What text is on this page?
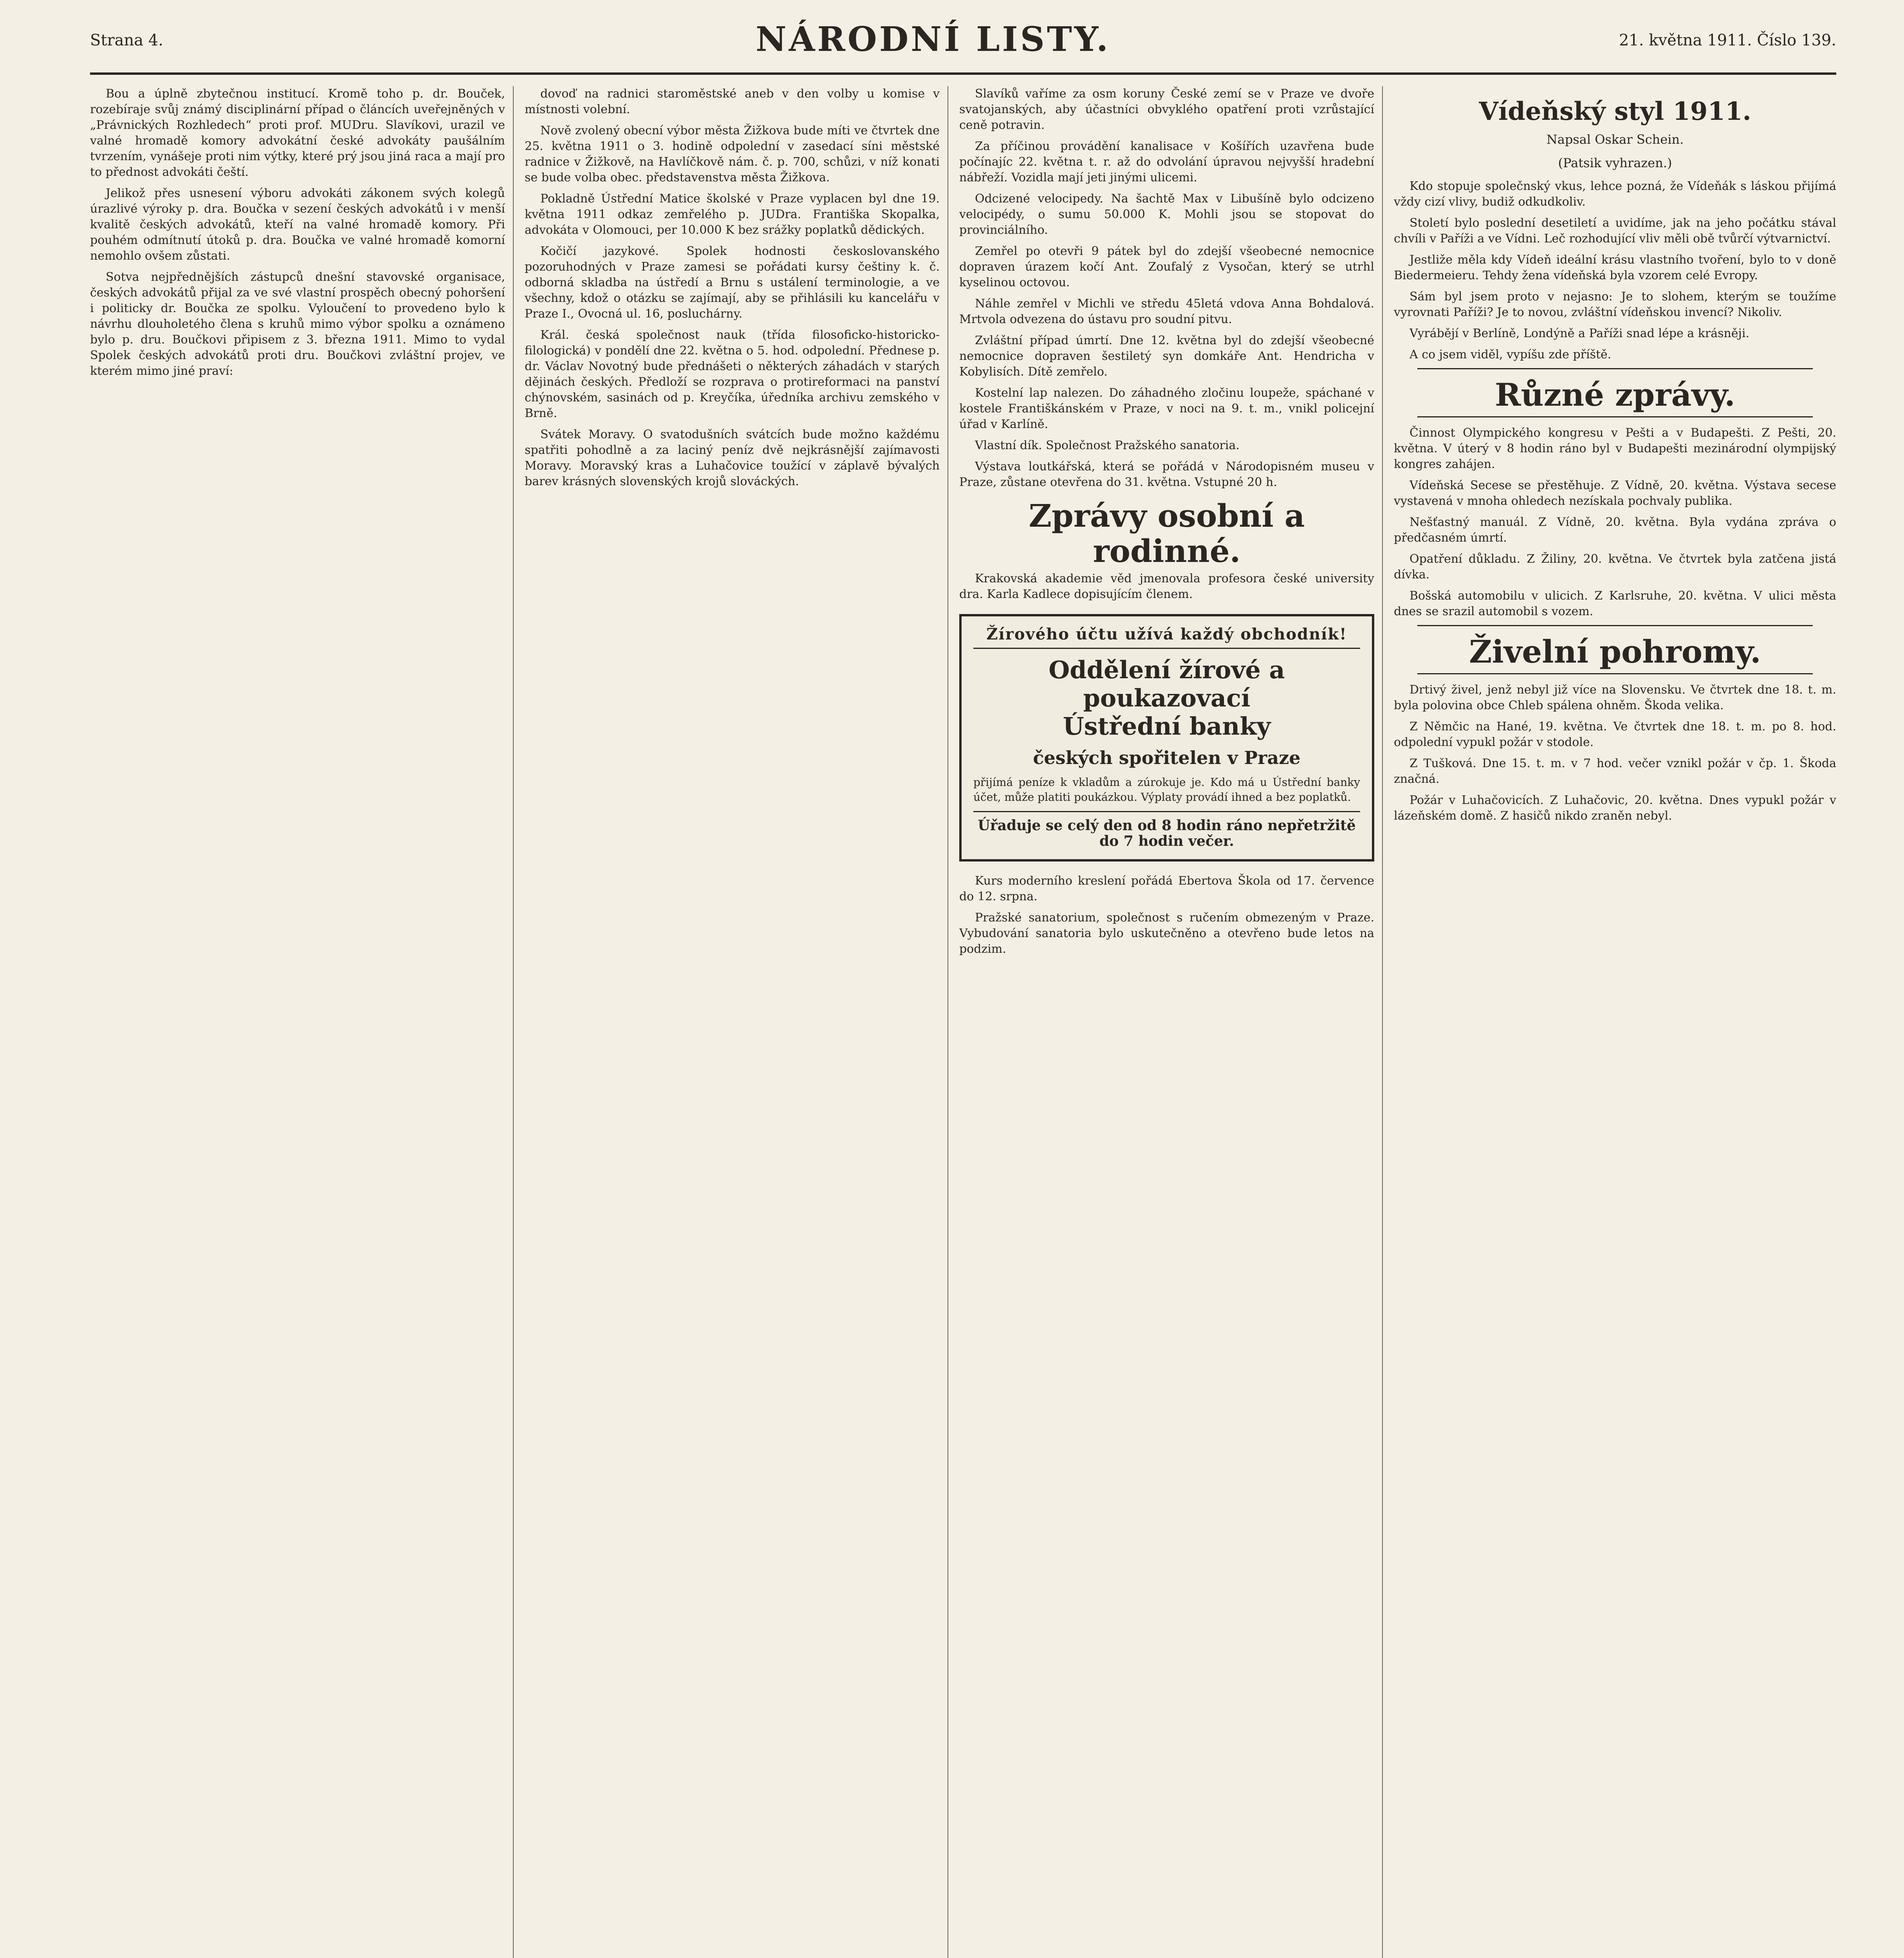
Strana 4.	NÁRODNÍ LISTY.	21. května 1911. Číslo 139.

Bou a úplně zbytečnou institucí. Kromě toho p. dr. Bouček, rozebíraje svůj známý disciplinární případ o článcích uveřejněných v „Právnických Rozhledech“ proti prof. MUDru. Slavíkovi, urazil ve valné hromadě komory advokátní české advokáty paušálním tvrzením, vynášeje proti nim výtky, které prý jsou jiná raca a mají pro to přednost advokáti čeští.

Jelikož přes usnesení výboru advokáti zákonem svých kolegů úrazlivé výroky p. dra. Boučka v sezení českých advokátů i v menší kvalitě českých advokátů, kteří na valné hromadě komory. Při pouhém odmítnutí útoků p. dra. Boučka ve valné hromadě komorní nemohlo ovšem zůstati.

Sotva nejpřednějších zástupců dnešní stavovské organisace, českých advokátů přijal za ve své vlastní prospěch obecný pohoršení i politicky dr. Boučka ze spolku. Vyloučení to provedeno bylo k návrhu dlouholetého člena s kruhů mimo výbor spolku a oznámeno bylo p. dru. Boučkovi připisem z 3. března 1911. Mimo to vydal Spolek českých advokátů proti dru. Boučkovi zvláštní projev, ve kterém mimo jiné praví:

dovoď na radnici staroměstské aneb v den volby u komise v místnosti volební.

Nově zvolený obecní výbor města Žižkova bude míti ve čtvrtek dne 25. května 1911 o 3. hodině odpolední v zasedací síni městské radnice v Žižkově, na Havlíčkově nám. č. p. 700, schůzi, v níž konati se bude volba obec. představenstva města Žižkova.

Pokladně Ústřední Matice školské v Praze vyplacen byl dne 19. května 1911 odkaz zemřelého p. JUDra. Františka Skopalka, advokáta v Olomouci, per 10.000 K bez srážky poplatků dědických.

Kočičí jazykové. Spolek hodnosti českoslovanského pozoruhodných v Praze zamesi se pořádati kursy češtiny k. č. odborná skladba na ústředí a Brnu s ustálení terminologie, a ve všechny, kdož o otázku se zajímají, aby se přihlásili ku kancelářu v Praze I., Ovocná ul. 16, posluchárny.

Král. česká společnost nauk (třída filosoficko-historicko-filologická) v pondělí dne 22. května o 5. hod. odpolední. Přednese p. dr. Václav Novotný bude přednášeti o některých záhadách v starých dějinách českých. Předloží se rozprava o protireformaci na panství chýnovském, sasinách od p. Kreyčíka, úředníka archivu zemského v Brně.

Svátek Moravy. O svatodušních svátcích bude možno každému spatřiti pohodlně a za laciný peníz dvě nejkrásnější zajímavosti Moravy. Moravský kras a Luhačovice toužící v záplavě bývalých barev krásných slovenských krojů slováckých.

Slavíků vaříme za osm koruny České zemí se v Praze ve dvoře svatojanských, aby účastníci obvyklého opatření proti vzrůstající ceně potravin.

Za příčinou provádění kanalisace v Košířích uzavřena bude počínajíc 22. května t. r. až do odvolání úpravou nejvyšší hradební nábřeží. Vozidla mají jeti jinými ulicemi.

Odcizené velocipedy. Na šachtě Max v Libušíně bylo odcizeno velocipédy, o sumu 50.000 K. Mohli jsou se stopovat do provinciálního.

Zemřel po otevři 9 pátek byl do zdejší všeobecné nemocnice dopraven úrazem kočí Ant. Zoufalý z Vysočan, který se utrhl kyselinou octovou.

Náhle zemřel v Michli ve středu 45letá vdova Anna Bohdalová. Mrtvola odvezena do ústavu pro soudní pitvu.

Zvláštní případ úmrtí. Dne 12. května byl do zdejší všeobecné nemocnice dopraven šestiletý syn domkáře Ant. Hendricha v Kobylisích. Dítě zemřelo.

Kostelní lap nalezen. Do záhadného zločinu loupeže, spáchané v kostele Františkánském v Praze, v noci na 9. t. m., vnikl policejní úřad v Karlíně.

Vlastní dík. Společnost Pražského sanatoria.

Výstava loutkářská, která se pořádá v Národopisném museu v Praze, zůstane otevřena do 31. května. Vstupné 20 h.

Zprávy osobní a rodinné.

Krakovská akademie věd jmenovala profesora české university dra. Karla Kadlece dopisujícím členem.

Žírového účtu užívá každý obchodník!
Oddělení žírové a poukazovací
Ústřední banky
českých spořitelen v Praze
přijímá peníze k vkladům a zúrokuje je. Kdo má u Ústřední banky účet, může platiti poukázkou. Výplaty provádí ihned a bez poplatků.
Úřaduje se celý den od 8 hodin ráno nepřetržitě do 7 hodin večer.

Kurs moderního kreslení pořádá Ebertova Škola od 17. července do 12. srpna.

Pražské sanatorium, společnost s ručením obmezeným v Praze. Vybudování sanatoria bylo uskutečněno a otevřeno bude letos na podzim.

Vídeňský styl 1911.
Napsal Oskar Schein.
(Patsik vyhrazen.)

Kdo stopuje společnský vkus, lehce pozná, že Vídeňák s láskou přijímá vždy cizí vlivy, budiž odkudkoliv.

Století bylo poslední desetiletí a uvidíme, jak na jeho počátku stával chvíli v Paříži a ve Vídni. Leč rozhodující vliv měli obě tvůrčí výtvarnictví.

Jestliže měla kdy Vídeň ideální krásu vlastního tvoření, bylo to v doně Biedermeieru. Tehdy žena vídeňská byla vzorem celé Evropy.

Sám byl jsem proto v nejasno: Je to slohem, kterým se toužíme vyrovnati Paříži? Je to novou, zvláštní vídeňskou invencí? Nikoliv.

Vyrábějí v Berlíně, Londýně a Paříži snad lépe a krásněji.

A co jsem viděl, vypíšu zde příště.

Různé zprávy.

Činnost Olympického kongresu v Pešti a v Budapešti. Z Pešti, 20. května. V úterý v 8 hodin ráno byl v Budapešti mezinárodní olympijský kongres zahájen.

Vídeňská Secese se přestěhuje. Z Vídně, 20. května. Výstava secese vystavená v mnoha ohledech nezískala pochvaly publika.

Nešťastný manuál. Z Vídně, 20. května. Byla vydána zpráva o předčasném úmrtí.

Opatření důkladu. Z Žiliny, 20. května. Ve čtvrtek byla zatčena jistá dívka.

Bošská automobilu v ulicich. Z Karlsruhe, 20. května. V ulici města dnes se srazil automobil s vozem.

Živelní pohromy.

Drtivý živel, jenž nebyl již více na Slovensku. Ve čtvrtek dne 18. t. m. byla polovina obce Chleb spálena ohněm. Škoda velika.

Z Němčic na Hané, 19. května. Ve čtvrtek dne 18. t. m. po 8. hod. odpolední vypukl požár v stodole.

Z Tušková. Dne 15. t. m. v 7 hod. večer vznikl požár v čp. 1. Škoda značná.

Požár v Luhačovicích. Z Luhačovic, 20. května. Dnes vypukl požár v lázeňském domě. Z hasičů nikdo zraněn nebyl.
